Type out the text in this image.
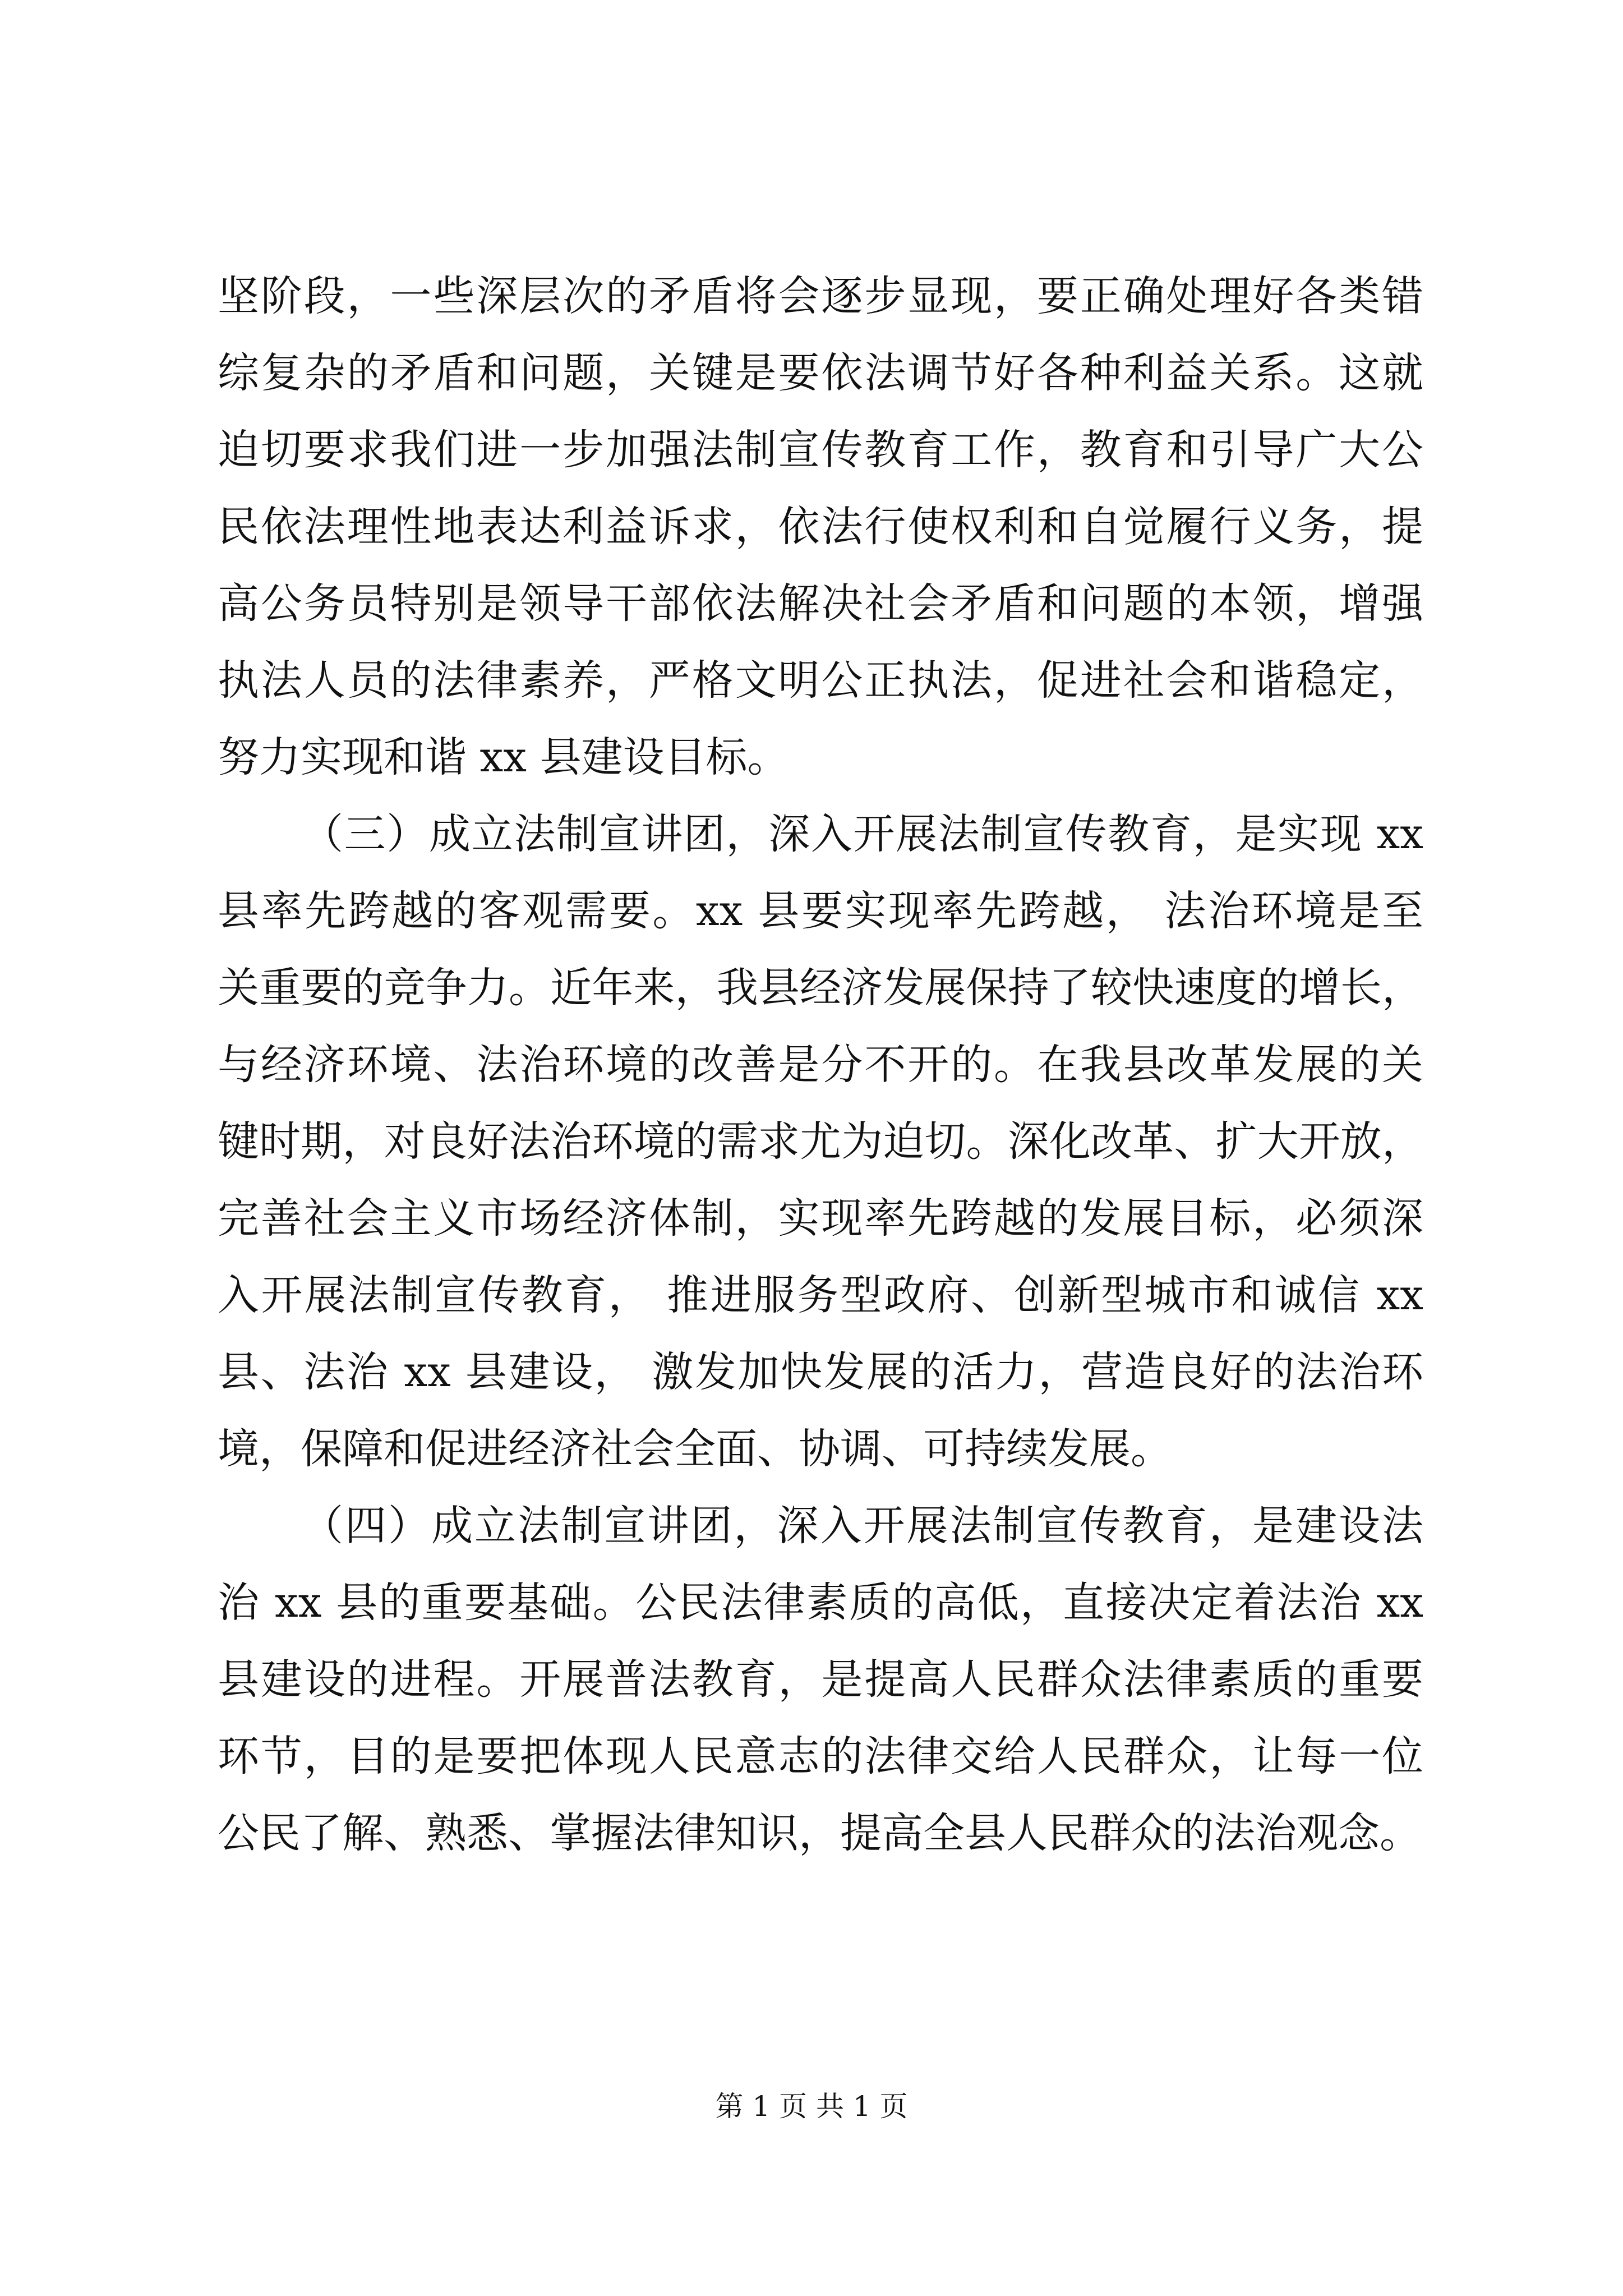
坚阶段，一些深层次的矛盾将会逐步显现，要正确处理好各类错
综复杂的矛盾和问题，关键是要依法调节好各种利益关系。这就
迫切要求我们进一步加强法制宣传教育工作，教育和引导广大公
民依法理性地表达利益诉求，依法行使权利和自觉履行义务，提
高公务员特别是领导干部依法解决社会矛盾和问题的本领，增强
执法人员的法律素养，严格文明公正执法，促进社会和谐稳定，
努力实现和谐 xx 县建设目标。
（三）成立法制宣讲团，深入开展法制宣传教育，是实现 xx
县率先跨越的客观需要。xx 县要实现率先跨越， 法治环境是至
关重要的竞争力。近年来，我县经济发展保持了较快速度的增长，
与经济环境、法治环境的改善是分不开的。在我县改革发展的关
键时期，对良好法治环境的需求尤为迫切。深化改革、扩大开放，
完善社会主义市场经济体制，实现率先跨越的发展目标，必须深
入开展法制宣传教育， 推进服务型政府、创新型城市和诚信 xx
县、法治 xx 县建设， 激发加快发展的活力，营造良好的法治环
境，保障和促进经济社会全面、协调、可持续发展。
（四）成立法制宣讲团，深入开展法制宣传教育，是建设法
治 xx 县的重要基础。公民法律素质的高低，直接决定着法治 xx
县建设的进程。开展普法教育，是提高人民群众法律素质的重要
环节，目的是要把体现人民意志的法律交给人民群众，让每一位
公民了解、熟悉、掌握法律知识，提高全县人民群众的法治观念。
第 1 页 共 1 页
